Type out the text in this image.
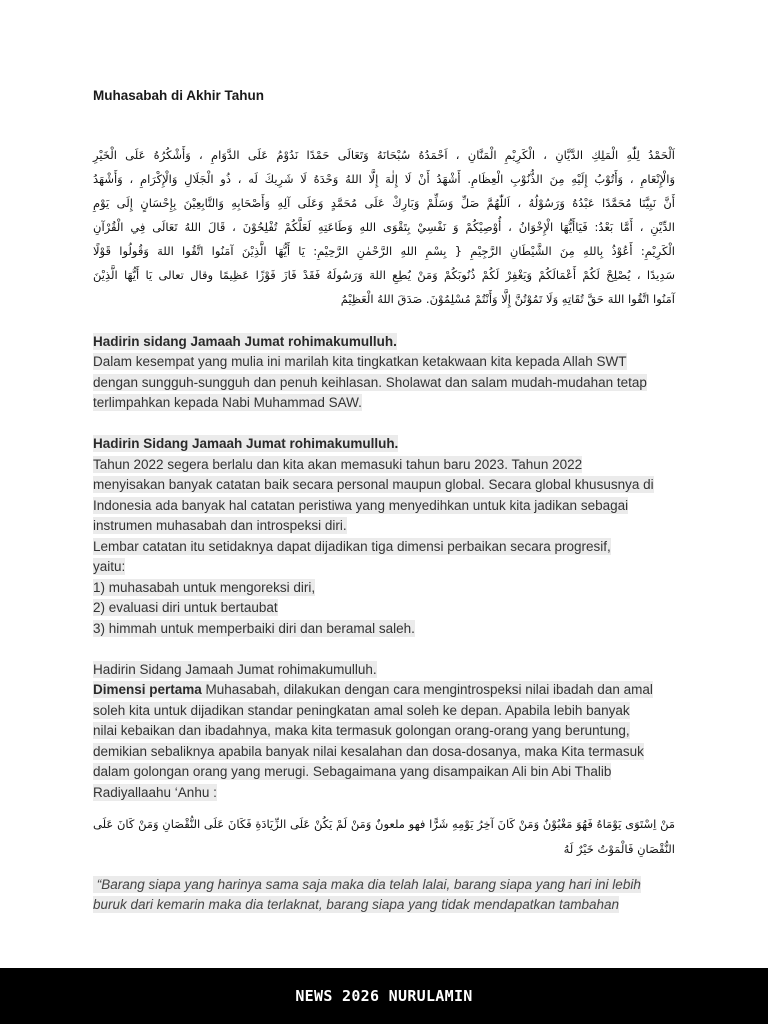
Muhasabah di Akhir Tahun
اَلْحَمْدُ لِلّٰهِ الْمَلِكِ الدَّيَّانِ ، الْكَرِيْمِ الْمَنَّانِ ، اَحْمَدُهُ سُبْحَانَهُ وَتَعَالَى حَمْدًا نَدُوْمُ عَلَى الدَّوَامِ ، وَأَشْكُرُهُ عَلَى الْخَيْرِ
وَالْإِنْعَامِ ، وَأَتُوْبُ إِلَيْهِ مِنَ الذُّنُوْبِ الْعِظَامِ. أَشْهَدُ أَنْ لَا إِلٰهَ إِلَّا اللهُ وَحْدَهُ لَا شَرِيكَ لَه ، ذُو الْجَلَالِ وَالْإِكْرَامِ ، وَأَشْهَدُ
أَنَّ نَبِيَّنَا مُحَمَّدًا عَبْدُهُ وَرَسُوْلُهُ ، اَللّٰهُمَّ صَلِّ وَسَلِّمْ وَبَارِكْ عَلَى مُحَمَّدٍ وَعَلَى آلِهِ وَأَصْحَابِهِ وَالتَّابِعِيْنَ بِإِحْسَانٍ إِلَى يَوْمِ
الدِّيْنِ ، أَمَّا بَعْدُ: فَيَاأَيُّهَا الْإِخْوَانُ ، أُوْصِيْكُمْ وَ نَفْسِيْ بِتَقْوَى اللهِ وَطَاعَتِهِ لَعَلَّكُمْ تُفْلِحُوْنَ ، قَالَ اللهُ تَعَالَى فِي الْقُرْآنِ
الْكَرِيْمِ: أَعُوْذُ بِاللهِ مِنَ الشَّيْطَانِ الرَّجِيْمِ { بِسْمِ اللهِ الرَّحْمٰنِ الرَّحِيْمِ: يَا أَيُّهَا الَّذِيْنَ آمَنُوا اتَّقُوا اللهَ وَقُولُوا قَوْلًا
سَدِيدًا ، يُصْلِحْ لَكُمْ أَعْمَالَكُمْ وَيَغْفِرْ لَكُمْ ذُنُوبَكُمْ وَمَنْ يُطِعِ اللهَ وَرَسُولَهُ فَقَدْ فَازَ فَوْزًا عَظِيمًا وقال تعالى يَا أَيُّهَا الَّذِيْنَ
آمَنُوا اتَّقُوا اللهَ حَقَّ تُقَاتِهِ وَلَا تَمُوْتُنَّ إِلَّا وَأَنْتُمْ مُسْلِمُوْنَ. صَدَقَ اللهُ الْعَظِيْمُ
Hadirin sidang Jamaah Jumat rohimakumulluh.
Dalam kesempat yang mulia ini marilah kita tingkatkan ketakwaan kita kepada Allah SWT
dengan sungguh-sungguh dan penuh keihlasan. Sholawat dan salam mudah-mudahan tetap
terlimpahkan kepada Nabi Muhammad SAW.
Hadirin Sidang Jamaah Jumat rohimakumulluh.
Tahun 2022 segera berlalu dan kita akan memasuki tahun baru 2023. Tahun 2022
menyisakan banyak catatan baik secara personal maupun global. Secara global khususnya di
Indonesia ada banyak hal catatan peristiwa yang menyedihkan untuk kita jadikan sebagai
instrumen muhasabah dan introspeksi diri.
Lembar catatan itu setidaknya dapat dijadikan tiga dimensi perbaikan secara progresif,
yaitu:
1) muhasabah untuk mengoreksi diri,
2) evaluasi diri untuk bertaubat
3) himmah untuk memperbaiki diri dan beramal saleh.
Hadirin Sidang Jamaah Jumat rohimakumulluh.
Dimensi pertama Muhasabah, dilakukan dengan cara mengintrospeksi nilai ibadah dan amal
soleh kita untuk dijadikan standar peningkatan amal soleh ke depan. Apabila lebih banyak
nilai kebaikan dan ibadahnya, maka kita termasuk golongan orang-orang yang beruntung,
demikian sebaliknya apabila banyak nilai kesalahan dan dosa-dosanya, maka Kita termasuk
dalam golongan orang yang merugi. Sebagaimana yang disampaikan Ali bin Abi Thalib
Radiyallaahu ‘Anhu :
مَنْ اِسْتَوَى يَوْمَاهُ فَهُوَ مَغْبُوْنٌ وَمَنْ كَانَ آخِرُ يَوْمِهِ شَرًّا فهو ملعونٌ وَمَنْ لَمْ يَكُنْ عَلَى الزِّيَادَةِ فَكَانَ عَلَى النُّقْصَانِ وَمَنْ كَانَ عَلَى
النُّقْصَانِ فَالْمَوْتُ خَيْرٌ لَهُ
“Barang siapa yang harinya sama saja maka dia telah lalai, barang siapa yang hari ini lebih
buruk dari kemarin maka dia terlaknat, barang siapa yang tidak mendapatkan tambahan
NEWS 2026 NURULAMIN
